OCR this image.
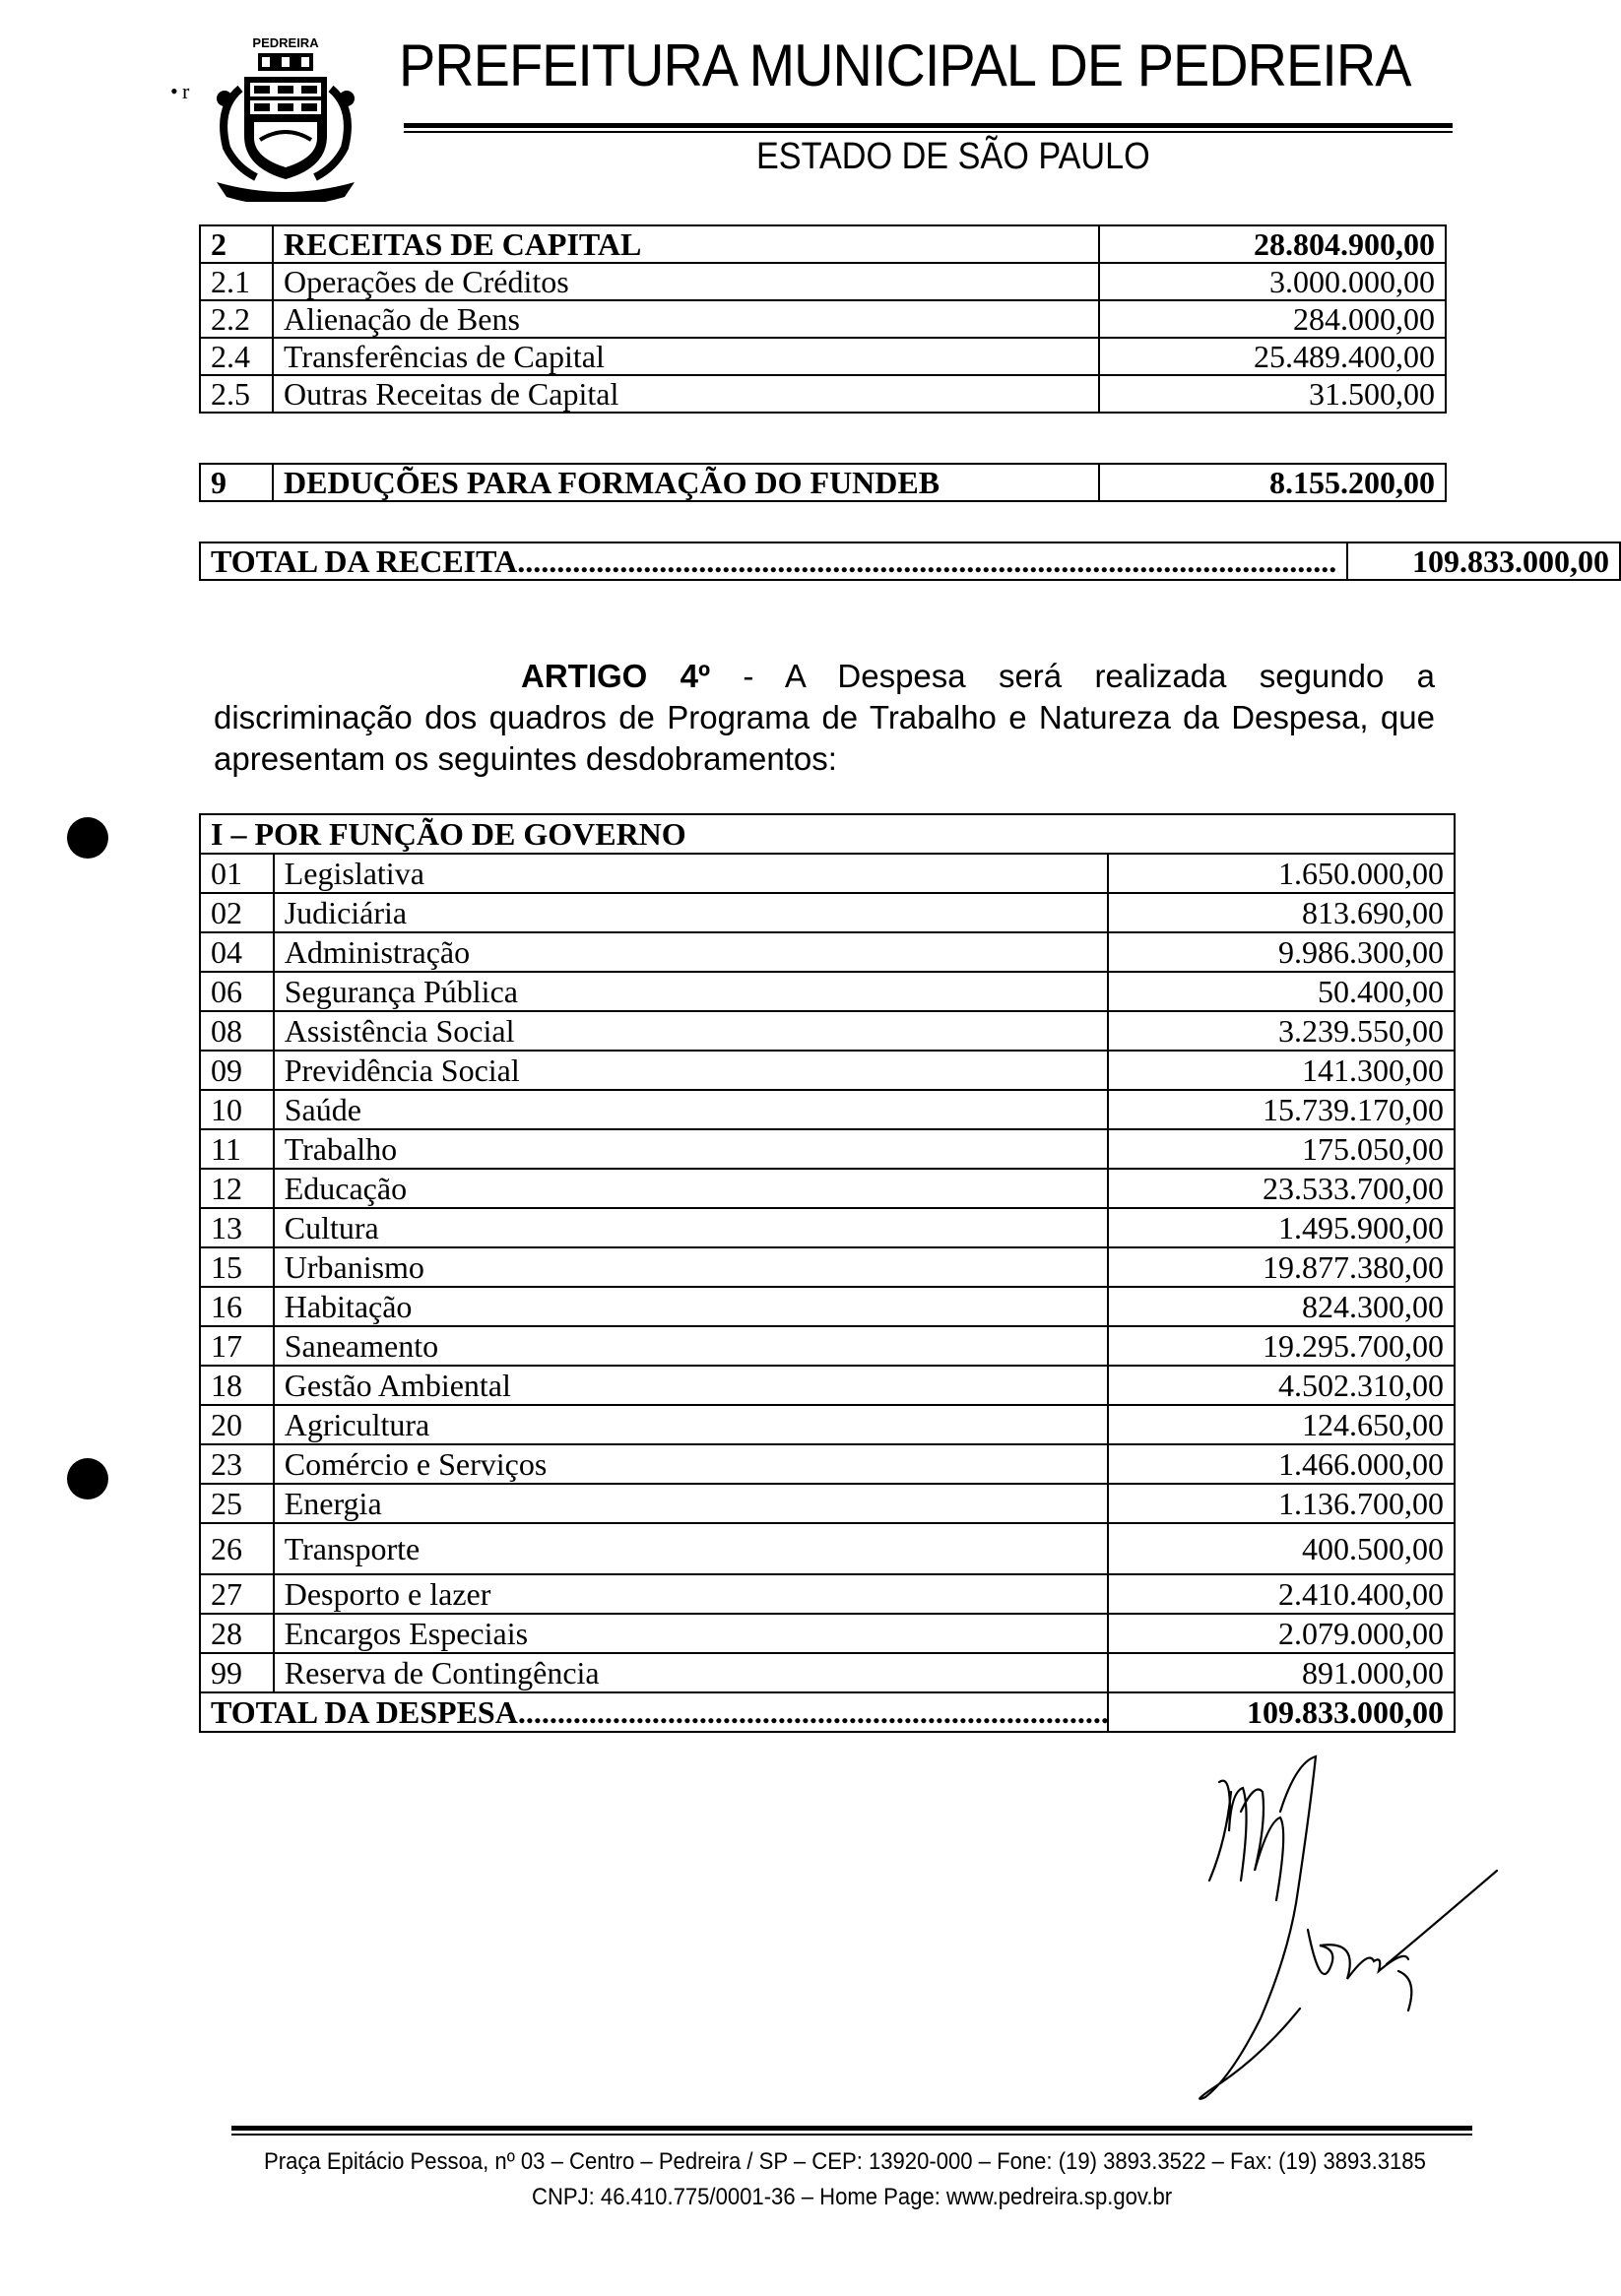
r
•
PEDREIRA PREFEITURA MUNICIPAL DE PEDREIRA
ESTADO DE SÃO PAULO
2	RECEITAS DE CAPITAL	28.804.900,00
2.1	Operações de Créditos	3.000.000,00
2.2	Alienação de Bens	284.000,00
2.4	Transferências de Capital	25.489.400,00
2.5	Outras Receitas de Capital	31.500,00
9	DEDUÇÕES PARA FORMAÇÃO DO FUNDEB	8.155.200,00
TOTAL DA RECEITA .....	109.833.000,00
ARTIGO 4º - A Despesa será realizada segundo a
discriminação dos quadros de Programa de Trabalho e Natureza da Despesa, que apresentam os seguintes desdobramentos:
I – POR FUNÇÃO DE GOVERNO		
01	Legislativa	1.650.000,00
02	Judiciária	813.690,00
04	Administração	9.986.300,00
06	Segurança Pública	50.400,00
08	Assistência Social	3.239.550,00
09	Previdência Social	141.300,00
10	Saúde	15.739.170,00
11	Trabalho	175.050,00
12	Educação	23.533.700,00
13	Cultura	1.495.900,00
15	Urbanismo	19.877.380,00
16	Habitação	824.300,00
17	Saneamento	19.295.700,00
18	Gestão Ambiental	4.502.310,00
20	Agricultura	124.650,00
23	Comércio e Serviços	1.466.000,00
25	Energia	1.136.700,00
26	Transporte	400.500,00
27	Desporto e lazer	2.410.400,00
28	Encargos Especiais	2.079.000,00
99	Reserva de Contingência	891.000,00
TOTAL DA DESPESA .....		109.833.000,00
Praça Epitácio Pessoa, nº 03 – Centro – Pedreira / SP – CEP: 13920-000 – Fone: (19) 3893.3522 – Fax: (19) 3893.3185
CNPJ: 46.410.775/0001-36 – Home Page: www.pedreira.sp.gov.br
